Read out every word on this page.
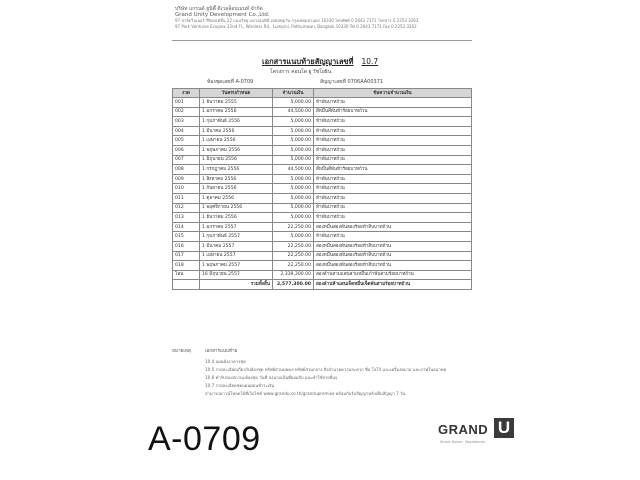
บริษัท แกรนด์ ยูนิตี้ ดีเวลล็อปเมนท์ จำกัด
Grand Unity Development Co.,Ltd.
97 ปาร์ควีนเนอร์ รีซิเดนท์ชั้น 22 ถนนวิทยุ แขวงลุมพินี เขตปทุมวัน กรุงเทพมหานคร 10330 โทรศัพท์ 0 2643 7171 โทรสาร 0 2253 3263
97 Park Ventures Ecoplex 22nd Fl., Wireless Rd., Lumpini, Pathumwan, Bangkok 10330 Tel 0 2643 7171 Fax 0 2253 3263
เอกสารแนบท้ายสัญญาเลขที่ 10.7
โครงการ คอนโด ยู รัชโยธิน
ห้องชุดเลขที่ A-0709	สัญญาเลขที่ 0706AA00371
งวด	วันครบกำหนด	จำนวนเงิน	ข้อความจำนวนเงิน
001	1 ธันวาคม 2555	5,000.00	ห้าพันบาทถ้วน
002	1 มกราคม 2556	44,500.00	สี่หมื่นสี่พันห้าร้อยบาทถ้วน
003	1 กุมภาพันธ์ 2556	5,000.00	ห้าพันบาทถ้วน
004	1 มีนาคม 2556	5,000.00	ห้าพันบาทถ้วน
005	1 เมษายน 2556	5,000.00	ห้าพันบาทถ้วน
006	1 พฤษภาคม 2556	5,000.00	ห้าพันบาทถ้วน
007	1 มิถุนายน 2556	5,000.00	ห้าพันบาทถ้วน
008	1 กรกฎาคม 2556	44,500.00	สี่หมื่นสี่พันห้าร้อยบาทถ้วน
009	1 สิงหาคม 2556	5,000.00	ห้าพันบาทถ้วน
010	1 กันยายน 2556	5,000.00	ห้าพันบาทถ้วน
011	1 ตุลาคม 2556	5,000.00	ห้าพันบาทถ้วน
012	1 พฤศจิกายน 2556	5,000.00	ห้าพันบาทถ้วน
013	1 ธันวาคม 2556	5,000.00	ห้าพันบาทถ้วน
014	1 มกราคม 2557	22,250.00	สองหมื่นสองพันสองร้อยห้าสิบบาทถ้วน
015	1 กุมภาพันธ์ 2557	5,000.00	ห้าพันบาทถ้วน
016	1 มีนาคม 2557	22,250.00	สองหมื่นสองพันสองร้อยห้าสิบบาทถ้วน
017	1 เมษายน 2557	22,250.00	สองหมื่นสองพันสองร้อยห้าสิบบาทถ้วน
018	1 พฤษภาคม 2557	22,250.00	สองหมื่นสองพันสองร้อยห้าสิบบาทถ้วน
โอน	16 มิถุนายน 2557	2,339,300.00	สองล้านสามแสนสามหมื่นเก้าพันสามร้อยบาทถ้วน
	รวมทั้งสิ้น	2,577,300.00	สองล้านห้าแสนเจ็ดหมื่นเจ็ดพันสามร้อยบาทถ้วน
หมายเหตุ	เอกสารแนบท้าย
10.4 แผนผังอาคารชุด
10.5 รายละเอียดเกี่ยวกับห้องชุด ทรัพย์ส่วนบุคคล ทรัพย์ส่วนกลาง สิ่งอำนวยความสะดวก ชื่อ โลโก้ และเครื่องหมาย และภาพในอนาคต
10.6 คำรับรองสถานะห้องชุด วันที่ ลงนามเป็นที่ยอมรับ และคำใช้จ่ายอื่นๆ
10.7 รายละเอียดชุดแผนผ่อนชำระเงิน
สามารถดาวน์โหลดได้ที่เว็บไซต์ www.grandu.co.th/grandupremise พร้อมกับรับสัญญาหลังเซ็นสัญญา 7 วัน
A-0709	GRAND U
Smart Home · Residences
